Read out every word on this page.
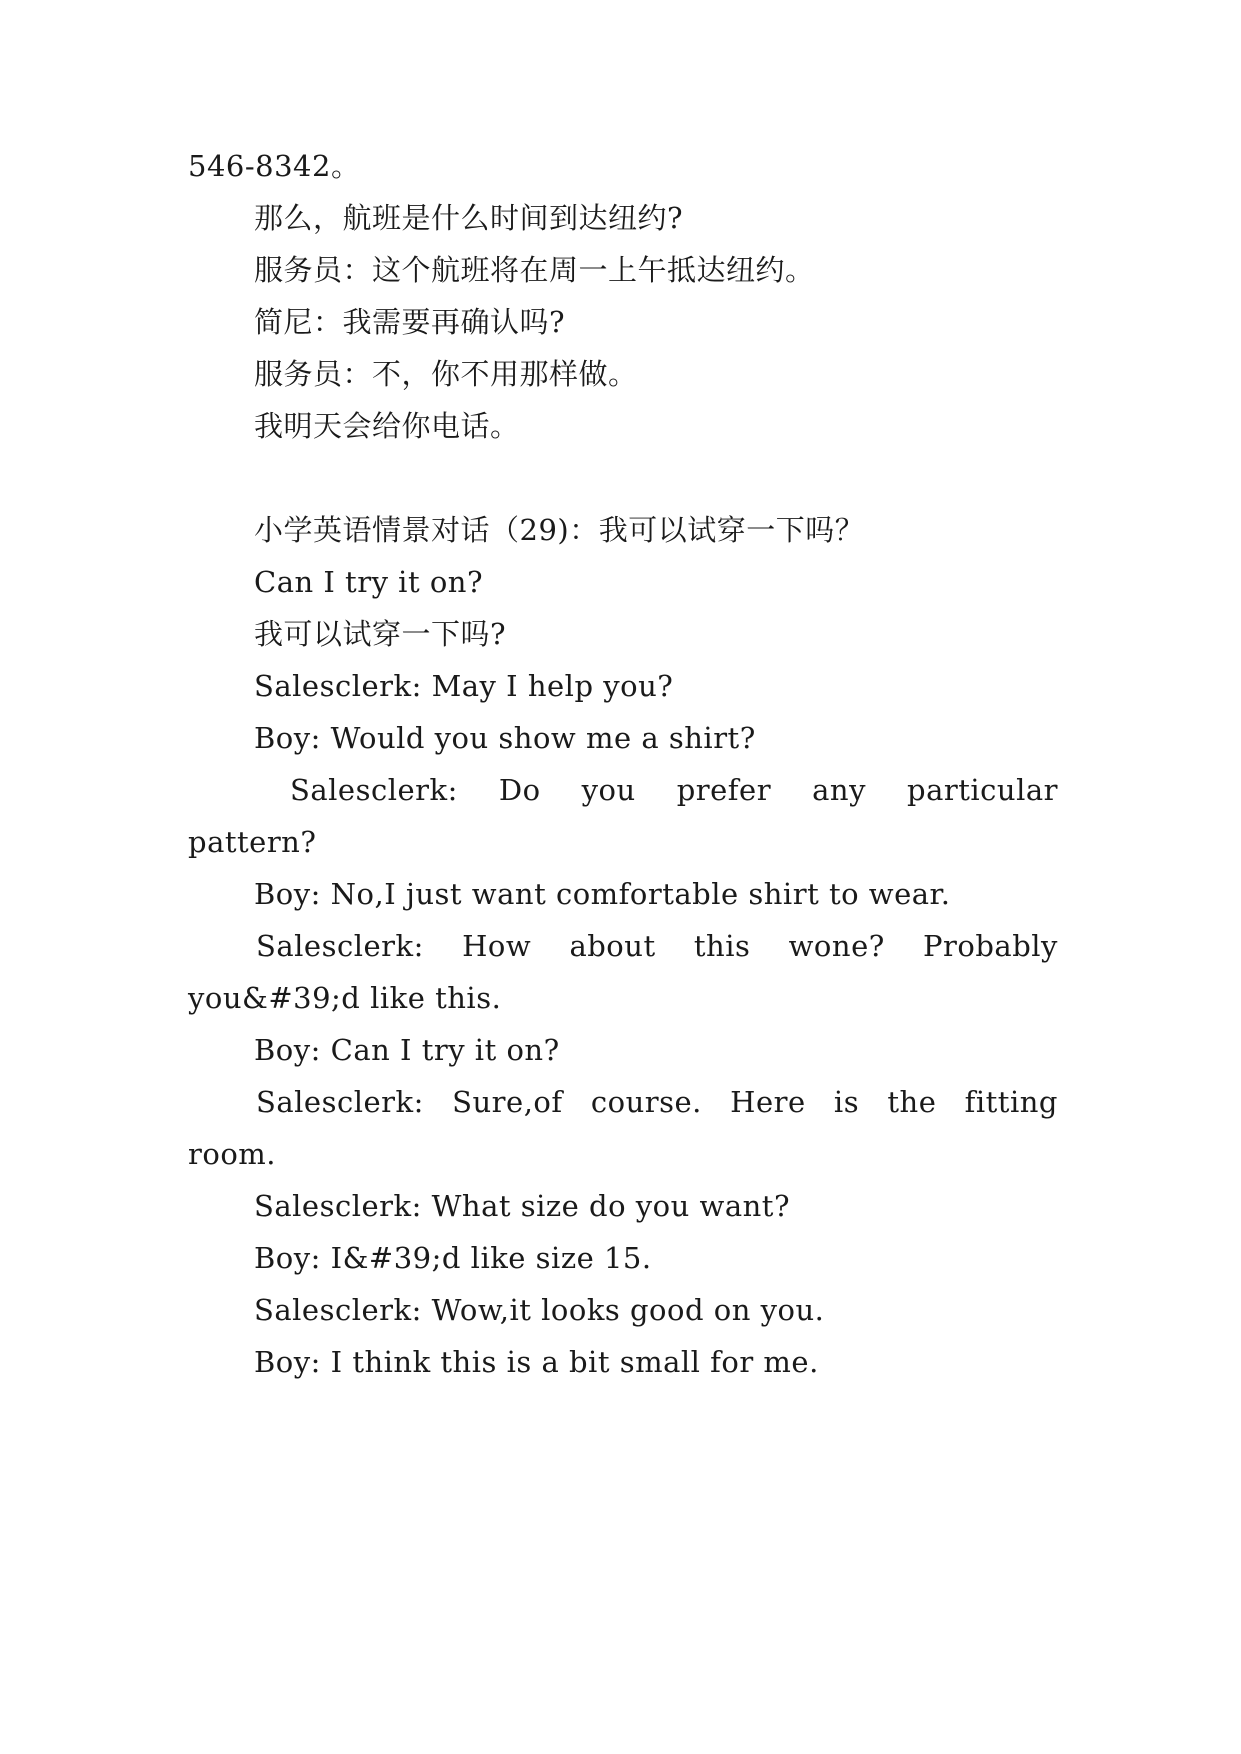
546-8342。
那么，航班是什么时间到达纽约?
服务员：这个航班将在周一上午抵达纽约。
简尼：我需要再确认吗?
服务员：不，你不用那样做。
我明天会给你电话。
小学英语情景对话（29)：我可以试穿一下吗？
Can I try it on?
我可以试穿一下吗?
Salesclerk: May I help you?
Boy: Would you show me a shirt?
Salesclerk: Do you prefer any particular
pattern?
Boy: No,I just want comfortable shirt to wear.
Salesclerk: How about this wone? Probably
you&#39;d like this.
Boy: Can I try it on?
Salesclerk: Sure,of course. Here is the fitting
room.
Salesclerk: What size do you want?
Boy: I&#39;d like size 15.
Salesclerk: Wow,it looks good on you.
Boy: I think this is a bit small for me.
